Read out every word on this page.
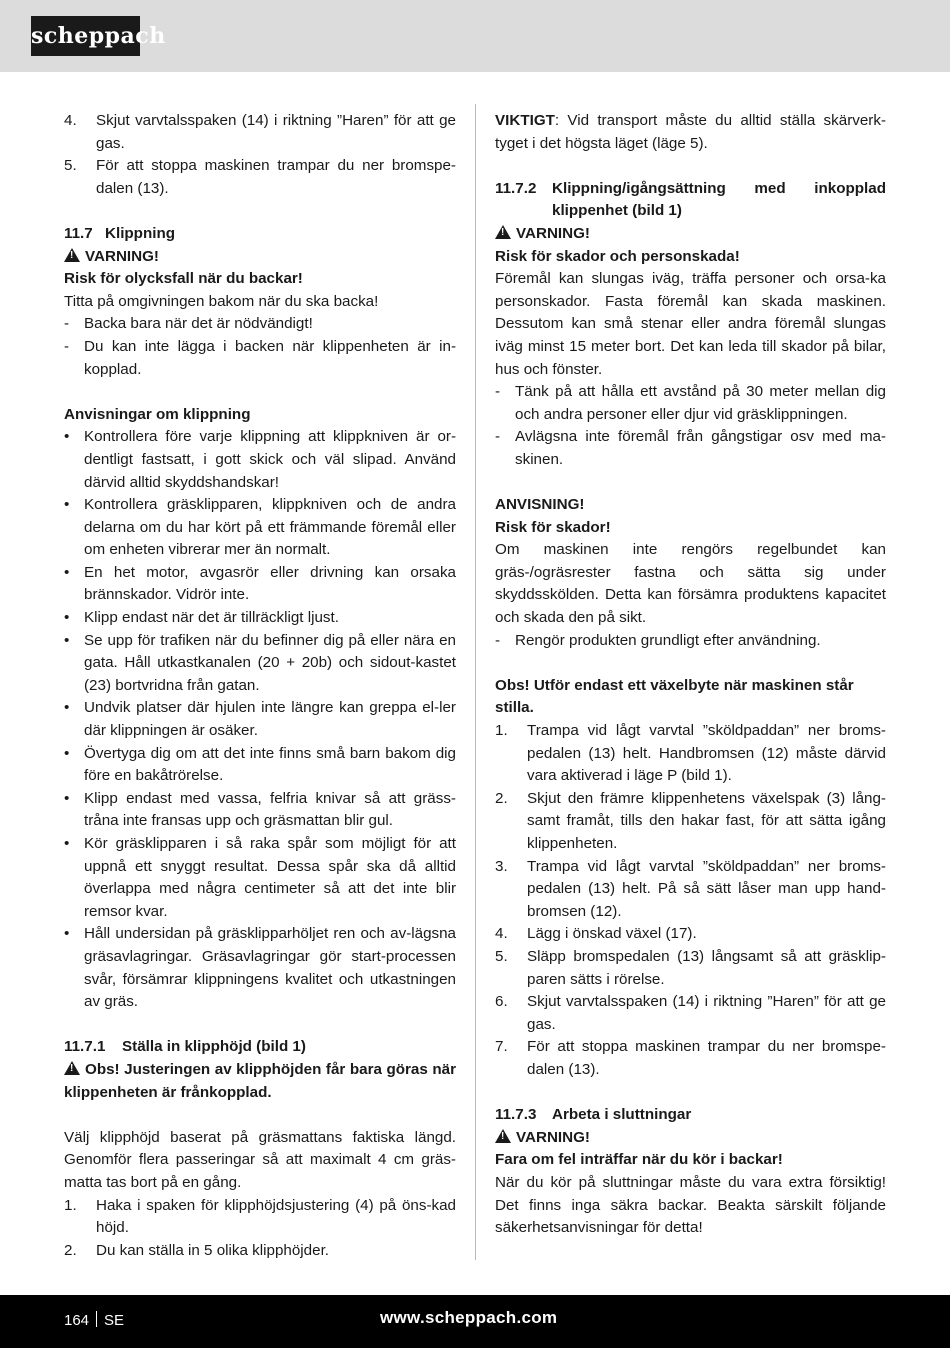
scheppach
4.	Skjut varvtalsspaken (14) i riktning ”Haren” för att ge gas.
5.	För att stoppa maskinen trampar du ner bromspe-dalen (13).
11.7 Klippning
!VARNING!
Risk för olycksfall när du backar!
Titta på omgivningen bakom när du ska backa!
- Backa bara när det är nödvändigt!
- Du kan inte lägga i backen när klippenheten är in-kopplad.
Anvisningar om klippning
• Kontrollera före varje klippning att klippkniven är or-dentligt fastsatt, i gott skick och väl slipad. Använd därvid alltid skyddshandskar!
• Kontrollera gräsklipparen, klippkniven och de andra delarna om du har kört på ett främmande föremål eller om enheten vibrerar mer än normalt.
• En het motor, avgasrör eller drivning kan orsaka brännskador. Vidrör inte.
• Klipp endast när det är tillräckligt ljust.
• Se upp för trafiken när du befinner dig på eller nära en gata. Håll utkastkanalen (20 + 20b) och sidout-kastet (23) bortvridna från gatan.
• Undvik platser där hjulen inte längre kan greppa el-ler där klippningen är osäker.
• Övertyga dig om att det inte finns små barn bakom dig före en bakåtrörelse.
• Klipp endast med vassa, felfria knivar så att gräss-tråna inte fransas upp och gräsmattan blir gul.
• Kör gräsklipparen i så raka spår som möjligt för att uppnå ett snyggt resultat. Dessa spår ska då alltid överlappa med några centimeter så att det inte blir remsor kvar.
• Håll undersidan på gräsklipparhöljet ren och av-lägsna gräsavlagringar. Gräsavlagringar gör start-processen svår, försämrar klippningens kvalitet och utkastningen av gräs.
11.7.1	Ställa in klipphöjd (bild 1)
!Obs! Justeringen av klipphöjden får bara göras när klippenheten är frånkopplad.
Välj klipphöjd baserat på gräsmattans faktiska längd. Genomför flera passeringar så att maximalt 4 cm gräs-matta tas bort på en gång.
1.	Haka i spaken för klipphöjdsjustering (4) på öns-kad höjd.
2.	Du kan ställa in 5 olika klipphöjder.
VIKTIGT: Vid transport måste du alltid ställa skärverk-tyget i det högsta läget (läge 5).
11.7.2	Klippning/igångsättning med inkopplad
klippenhet (bild 1)
!VARNING!
Risk för skador och personskada!
Föremål kan slungas iväg, träffa personer och orsa-ka personskador. Fasta föremål kan skada maskinen. Dessutom kan små stenar eller andra föremål slungas iväg minst 15 meter bort. Det kan leda till skador på bilar, hus och fönster.
- Tänk på att hålla ett avstånd på 30 meter mellan dig och andra personer eller djur vid gräsklippningen.
- Avlägsna inte föremål från gångstigar osv med ma-skinen.
ANVISNING!
Risk för skador!
Om maskinen inte rengörs regelbundet kan gräs-/ogräsrester fastna och sätta sig under skyddsskölden. Detta kan försämra produktens kapacitet och skada den på sikt.
- Rengör produkten grundligt efter användning.
Obs! Utför endast ett växelbyte när maskinen står stilla.
1.	Trampa vid lågt varvtal ”sköldpaddan” ner broms-pedalen (13) helt. Handbromsen (12) måste därvid vara aktiverad i läge P (bild 1).
2.	Skjut den främre klippenhetens växelspak (3) lång-samt framåt, tills den hakar fast, för att sätta igång klippenheten.
3.	Trampa vid lågt varvtal ”sköldpaddan” ner broms-pedalen (13) helt. På så sätt låser man upp hand-bromsen (12).
4.	Lägg i önskad växel (17).
5.	Släpp bromspedalen (13) långsamt så att gräsklip-paren sätts i rörelse.
6.	Skjut varvtalsspaken (14) i riktning ”Haren” för att ge gas.
7.	För att stoppa maskinen trampar du ner bromspe-dalen (13).
11.7.3	Arbeta i sluttningar
!VARNING!
Fara om fel inträffar när du kör i backar!
När du kör på sluttningar måste du vara extra försiktig! Det finns inga säkra backar. Beakta särskilt följande säkerhetsanvisningar för detta!
164 SE	www.scheppach.com
